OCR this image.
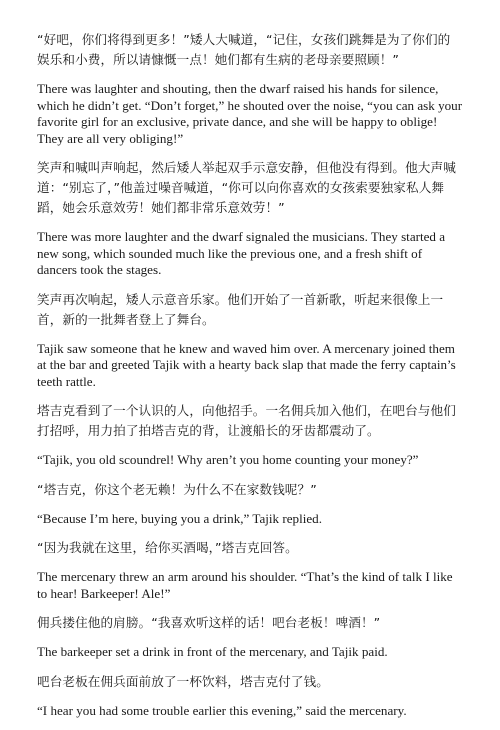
“好吧，你们将得到更多！”矮人大喊道，“记住，女孩们跳舞是为了你们的娱乐和小费，所以请慷慨一点！她们都有生病的老母亲要照顾！”

There was laughter and shouting, then the dwarf raised his hands for silence, which he didn’t get. “Don’t forget,” he shouted over the noise, “you can ask your favorite girl for an exclusive, private dance, and she will be happy to oblige! They are all very obliging!”

笑声和喊叫声响起，然后矮人举起双手示意安静，但他没有得到。他大声喊道：“别忘了，”他盖过噪音喊道，“你可以向你喜欢的女孩索要独家私人舞蹈，她会乐意效劳！她们都非常乐意效劳！”

There was more laughter and the dwarf signaled the musicians. They started a new song, which sounded much like the previous one, and a fresh shift of dancers took the stages.

笑声再次响起，矮人示意音乐家。他们开始了一首新歌，听起来很像上一首，新的一批舞者登上了舞台。

Tajik saw someone that he knew and waved him over. A mercenary joined them at the bar and greeted Tajik with a hearty back slap that made the ferry captain’s teeth rattle.

塔吉克看到了一个认识的人，向他招手。一名佣兵加入他们，在吧台与他们打招呼，用力拍了拍塔吉克的背，让渡船长的牙齿都震动了。

“Tajik, you old scoundrel! Why aren’t you home counting your money?”

“塔吉克，你这个老无赖！为什么不在家数钱呢？”

“Because I’m here, buying you a drink,” Tajik replied.

“因为我就在这里，给你买酒喝，”塔吉克回答。

The mercenary threw an arm around his shoulder. “That’s the kind of talk I like to hear! Barkeeper! Ale!”

佣兵搂住他的肩膀。“我喜欢听这样的话！吧台老板！啤酒！”

The barkeeper set a drink in front of the mercenary, and Tajik paid.

吧台老板在佣兵面前放了一杯饮料，塔吉克付了钱。

“I hear you had some trouble earlier this evening,” said the mercenary.
